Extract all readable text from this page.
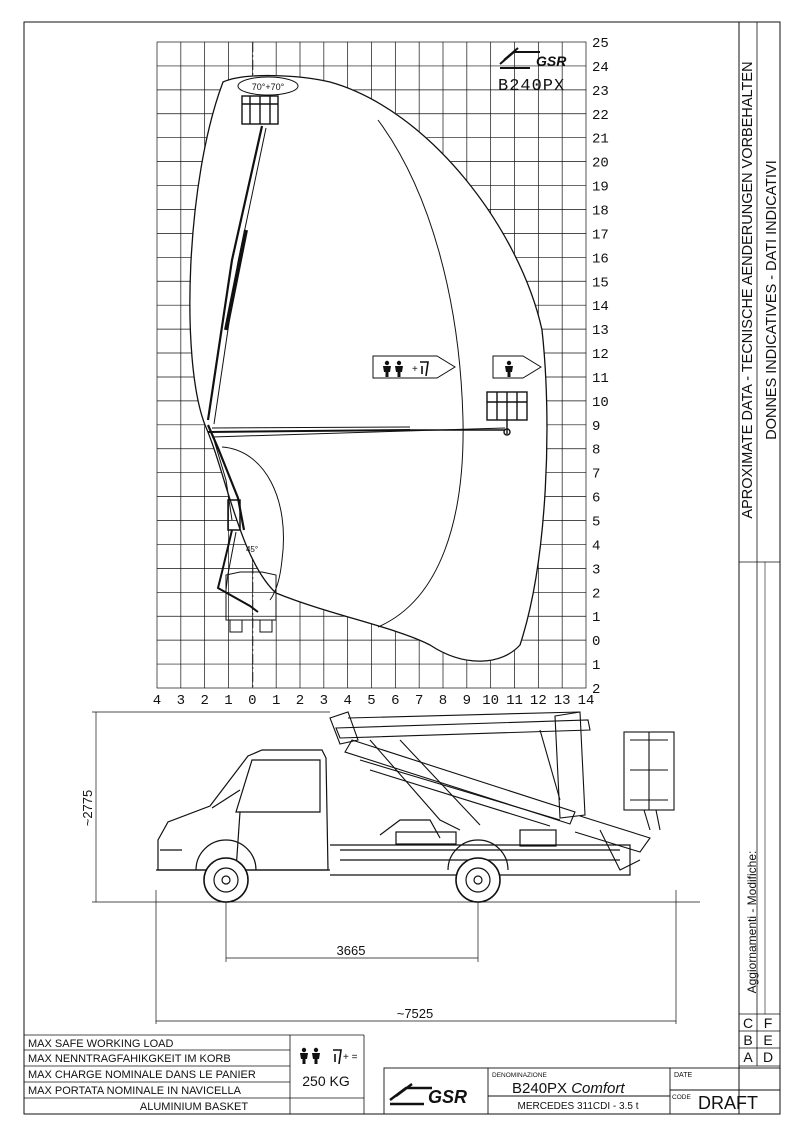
25
24
23
22
21
20
19
18
17
16
15
14
13
12
11
10
9
8
7
6
5
4
3
2
1
0
1
2
4 3 2 1 0 1 2 3 4 5 6 7 8 9 10 11 12 13 14
GSR
B240PX
70°+70°
45°
+
~2775
3665
~7525
APROXIMATE DATA - TECNISCHE AENDERUNGEN VORBEHALTEN DONNES INDICATIVES - DATI INDICATIVI
Aggiornamenti - Modifiche:
C F
B E
A D
MAX SAFE WORKING LOAD
MAX NENNTRAGFAHIKGKEIT IM KORB
MAX CHARGE NOMINALE DANS LE PANIER
MAX PORTATA NOMINALE IN NAVICELLA
ALUMINIUM BASKET
+ =
250 KG
GSR
DENOMINAZIONE
B240PX Comfort
MERCEDES 311CDI - 3.5 t
DATE
CODE DRAFT
